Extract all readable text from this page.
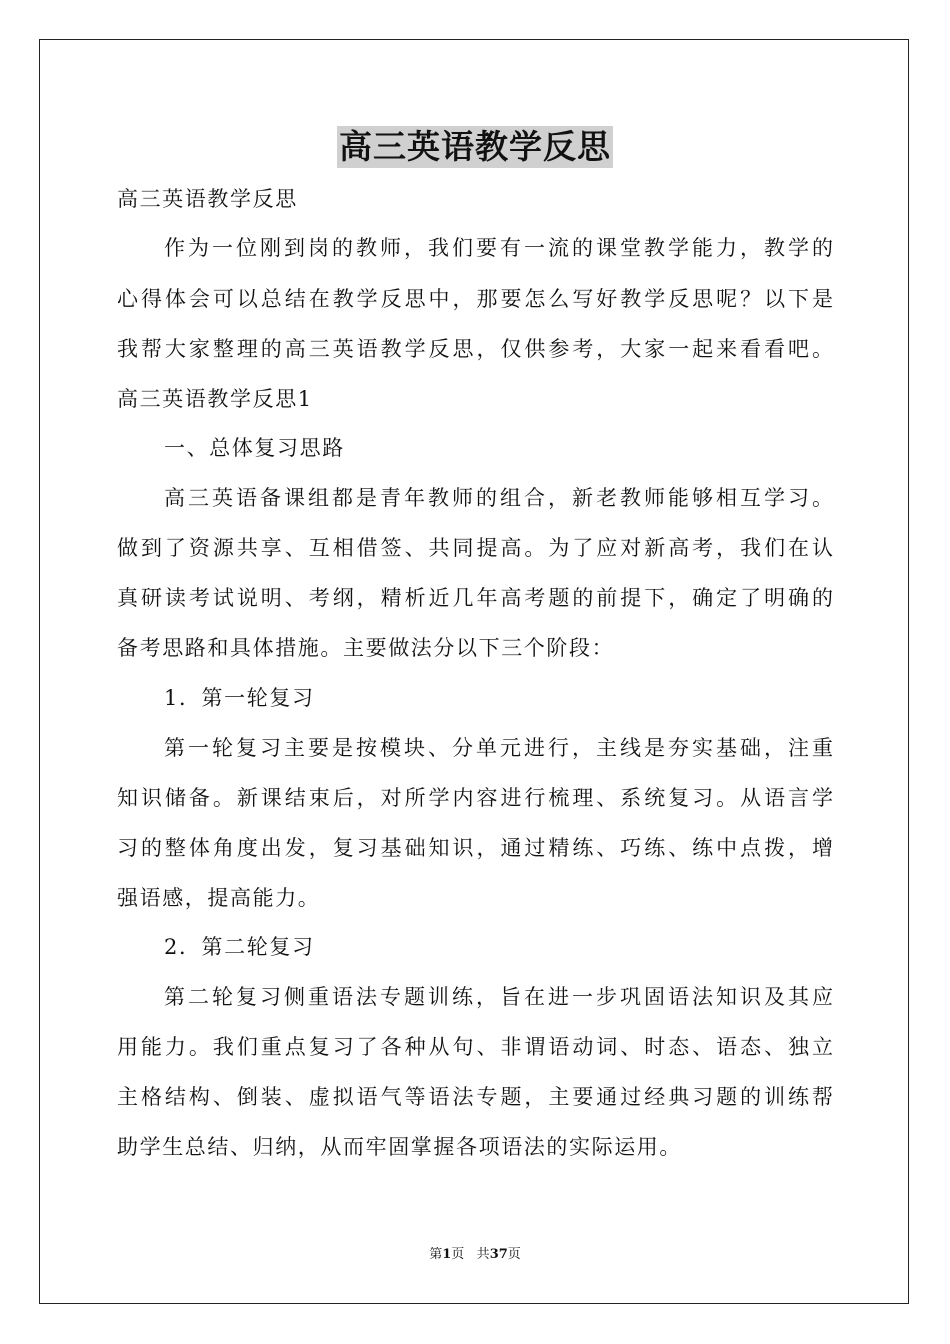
高三英语教学反思
高三英语教学反思
作为一位刚到岗的教师，我们要有一流的课堂教学能力，教学的
心得体会可以总结在教学反思中，那要怎么写好教学反思呢？以下是
我帮大家整理的高三英语教学反思，仅供参考，大家一起来看看吧。
高三英语教学反思1
一、总体复习思路
高三英语备课组都是青年教师的组合，新老教师能够相互学习。
做到了资源共享、互相借签、共同提高。为了应对新高考，我们在认
真研读考试说明、考纲，精析近几年高考题的前提下，确定了明确的
备考思路和具体措施。主要做法分以下三个阶段：
1．第一轮复习
第一轮复习主要是按模块、分单元进行，主线是夯实基础，注重
知识储备。新课结束后，对所学内容进行梳理、系统复习。从语言学
习的整体角度出发，复习基础知识，通过精练、巧练、练中点拨，增
强语感，提高能力。
2．第二轮复习
第二轮复习侧重语法专题训练，旨在进一步巩固语法知识及其应
用能力。我们重点复习了各种从句、非谓语动词、时态、语态、独立
主格结构、倒装、虚拟语气等语法专题，主要通过经典习题的训练帮
助学生总结、归纳，从而牢固掌握各项语法的实际运用。
第1页 共37页
